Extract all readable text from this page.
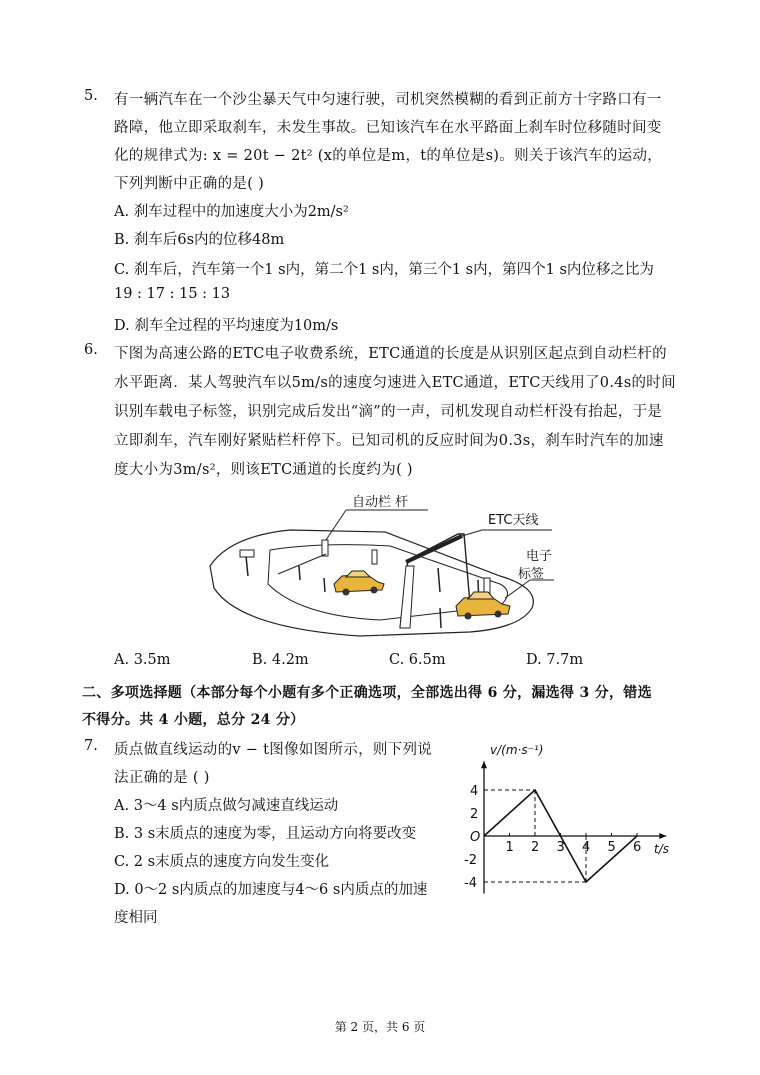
5. 有一辆汽车在一个沙尘暴天气中匀速行驶，司机突然模糊的看到正前方十字路口有一
路障，他立即采取刹车，未发生事故。已知该汽车在水平路面上刹车时位移随时间变
化的规律式为: x = 20t − 2t² (x的单位是m，t的单位是s)。则关于该汽车的运动，
下列判断中正确的是( )
A. 刹车过程中的加速度大小为2m/s²
B. 刹车后6s内的位移48m
C. 刹车后，汽车第一个1 s内，第二个1 s内，第三个1 s内，第四个1 s内位移之比为
19 : 17 : 15 : 13
D. 刹车全过程的平均速度为10m/s
6. 下图为高速公路的ETC电子收费系统，ETC通道的长度是从识别区起点到自动栏杆的
水平距离．某人驾驶汽车以5m/s的速度匀速进入ETC通道，ETC天线用了0.4s的时间
识别车载电子标签，识别完成后发出“滴”的一声，司机发现自动栏杆没有抬起，于是
立即刹车，汽车刚好紧贴栏杆停下。已知司机的反应时间为0.3s，刹车时汽车的加速
度大小为3m/s²，则该ETC通道的长度约为( )
自动栏 杆
ETC天线
电子
标签
A. 3.5m	B. 4.2m	C. 6.5m	D. 7.7m
二、多项选择题（本部分每个小题有多个正确选项，全部选出得 6 分，漏选得 3 分，错选
不得分。共 4 小题，总分 24 分）
7. 质点做直线运动的v − t图像如图所示，则下列说
法正确的是 ( )
A. 3～4 s内质点做匀减速直线运动
B. 3 s末质点的速度为零，且运动方向将要改变
C. 2 s末质点的速度方向发生变化
D. 0～2 s内质点的加速度与4～6 s内质点的加速
度相同
1 2 3 4 5 6
4
2
O
-2
-4
v/(m·s⁻¹)
t/s
第 2 页，共 6 页
